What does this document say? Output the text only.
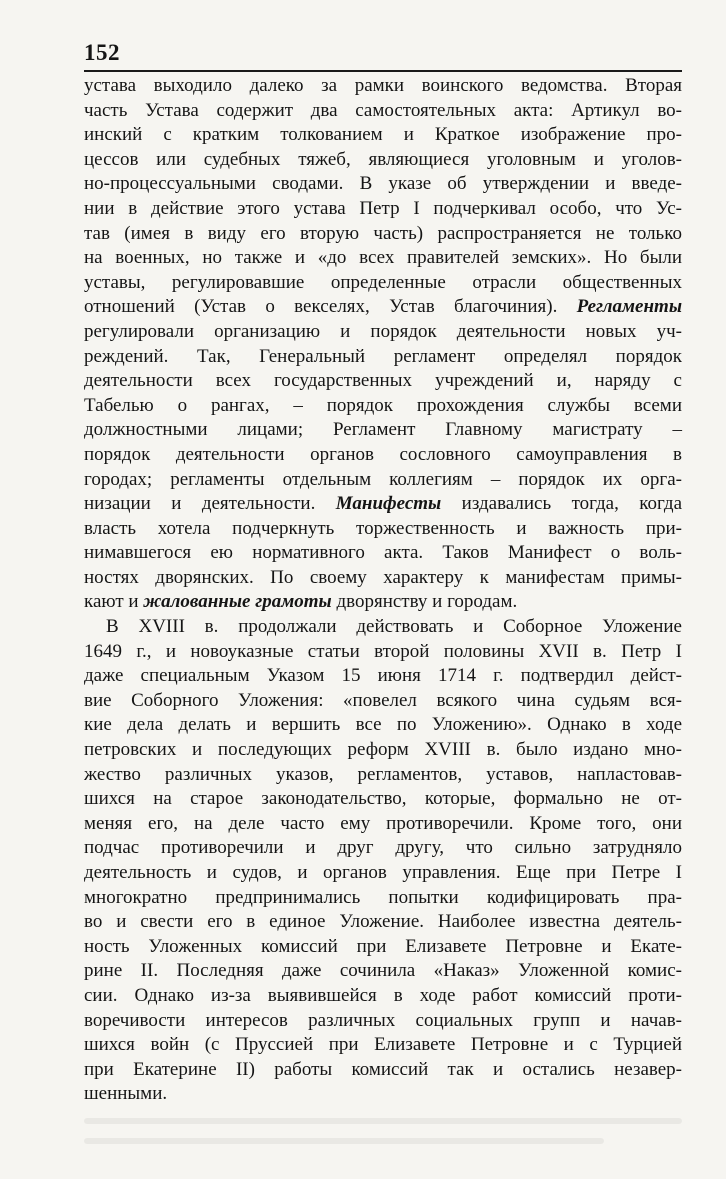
152
устава выходило далеко за рамки воинского ведомства. Вторая
часть Устава содержит два самостоятельных акта: Артикул во-
инский с кратким толкованием и Краткое изображение про-
цессов или судебных тяжеб, являющиеся уголовным и уголов-
но-процессуальными сводами. В указе об утверждении и введе-
нии в действие этого устава Петр I подчеркивал особо, что Ус-
тав (имея в виду его вторую часть) распространяется не только
на военных, но также и «до всех правителей земских». Но были
уставы, регулировавшие определенные отрасли общественных
отношений (Устав о векселях, Устав благочиния). Регламенты
регулировали организацию и порядок деятельности новых уч-
реждений. Так, Генеральный регламент определял порядок
деятельности всех государственных учреждений и, наряду с
Табелью о рангах, – порядок прохождения службы всеми
должностными лицами; Регламент Главному магистрату –
порядок деятельности органов сословного самоуправления в
городах; регламенты отдельным коллегиям – порядок их орга-
низации и деятельности. Манифесты издавались тогда, когда
власть хотела подчеркнуть торжественность и важность при-
нимавшегося ею нормативного акта. Таков Манифест о воль-
ностях дворянских. По своему характеру к манифестам примы-
кают и жалованные грамоты дворянству и городам.
В XVIII в. продолжали действовать и Соборное Уложение
1649 г., и новоуказные статьи второй половины XVII в. Петр I
даже специальным Указом 15 июня 1714 г. подтвердил дейст-
вие Соборного Уложения: «повелел всякого чина судьям вся-
кие дела делать и вершить все по Уложению». Однако в ходе
петровских и последующих реформ XVIII в. было издано мно-
жество различных указов, регламентов, уставов, напластовав-
шихся на старое законодательство, которые, формально не от-
меняя его, на деле часто ему противоречили. Кроме того, они
подчас противоречили и друг другу, что сильно затрудняло
деятельность и судов, и органов управления. Еще при Петре I
многократно предпринимались попытки кодифицировать пра-
во и свести его в единое Уложение. Наиболее известна деятель-
ность Уложенных комиссий при Елизавете Петровне и Екате-
рине II. Последняя даже сочинила «Наказ» Уложенной комис-
сии. Однако из-за выявившейся в ходе работ комиссий проти-
воречивости интересов различных социальных групп и начав-
шихся войн (с Пруссией при Елизавете Петровне и с Турцией
при Екатерине II) работы комиссий так и остались незавер-
шенными.
